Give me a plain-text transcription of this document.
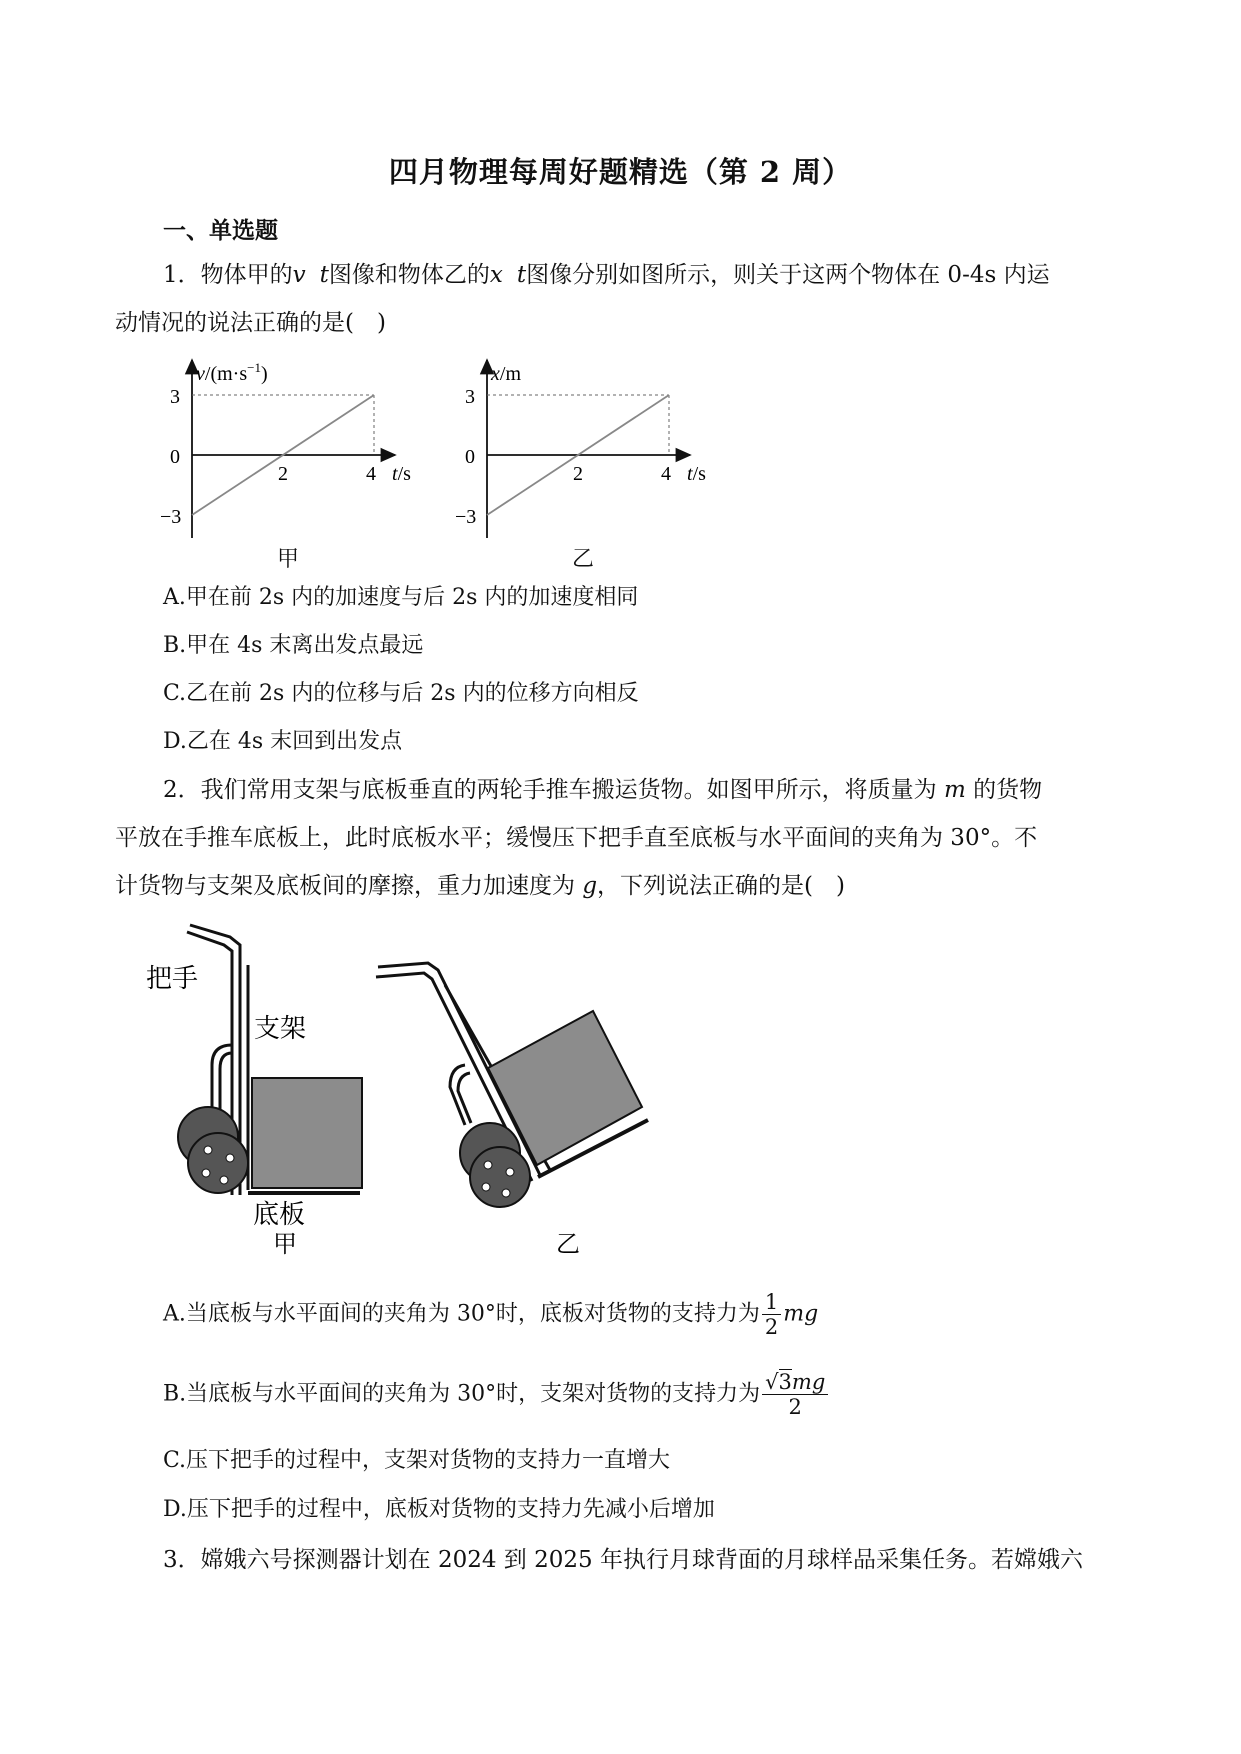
四月物理每周好题精选（第 2 周）
一、单选题
1．物体甲的v t图像和物体乙的x t图像分别如图所示，则关于这两个物体在 0-4s 内运
动情况的说法正确的是(　)
$v/(m\cdot s^{-1})$
3
0
−3
2	4 t/s
甲
x/m
3
0
−3
2	4 t/s
乙
A.甲在前 2s 内的加速度与后 2s 内的加速度相同
B.甲在 4s 末离出发点最远
C.乙在前 2s 内的位移与后 2s 内的位移方向相反
D.乙在 4s 末回到出发点
2．我们常用支架与底板垂直的两轮手推车搬运货物。如图甲所示，将质量为 m 的货物
平放在手推车底板上，此时底板水平；缓慢压下把手直至底板与水平面间的夹角为 30°。不
计货物与支架及底板间的摩擦，重力加速度为 g，下列说法正确的是(　)
把手
支架
底板
甲	乙
A.当底板与水平面间的夹角为 30°时，底板对货物的支持力为 $\frac{1}{2}$ mg
B.当底板与水平面间的夹角为 30°时，支架对货物的支持力为 $\frac{√3mg}{2}$
C.压下把手的过程中，支架对货物的支持力一直增大
D.压下把手的过程中，底板对货物的支持力先减小后增加
3．嫦娥六号探测器计划在 2024 到 2025 年执行月球背面的月球样品采集任务。若嫦娥六
